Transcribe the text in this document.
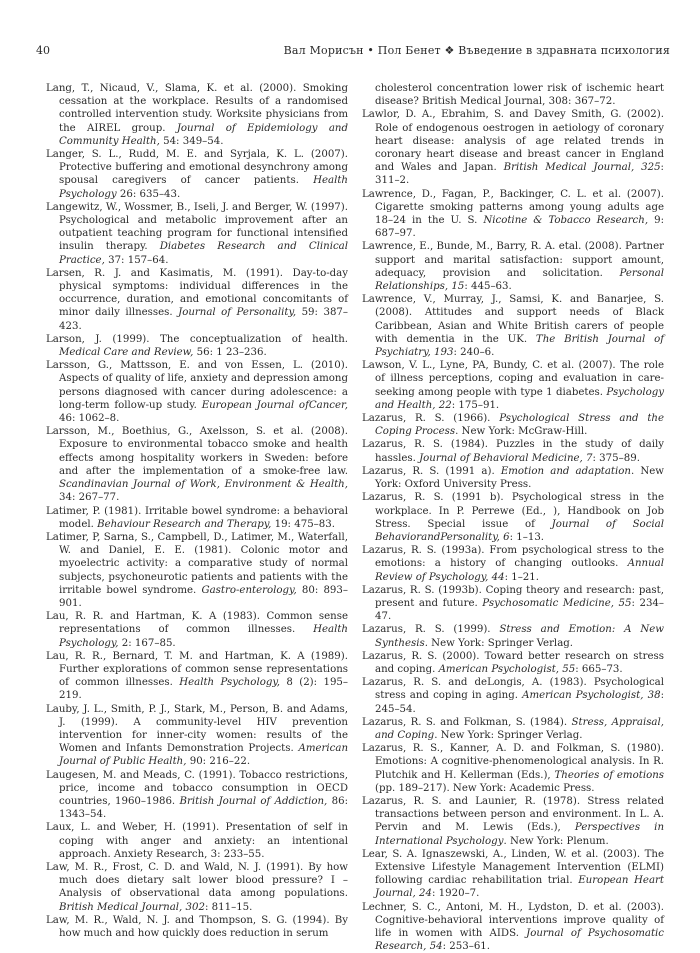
40	Вал Морисън • Пол Бенет ❖ Въведение в здравната психология
Lang, T., Nicaud, V., Slama, K. et al. (2000). Smoking cessation at the workplace. Results of a randomised controlled intervention study. Worksite physicians from the AIREL group. Journal of Epidemiology and Community Health, 54: 349–54.
Langer, S. L., Rudd, M. E. and Syrjala, K. L. (2007). Protective buffering and emotional desynchrony among spousal caregivers of cancer patients. Health Psychology 26: 635–43.
Langewitz, W., Wossmer, B., Iseli, J. and Berger, W. (1997). Psychological and metabolic improvement after an outpatient teaching program for functional intensified insulin therapy. Diabetes Research and Clinical Practice, 37: 157–64.
Larsen, R. J. and Kasimatis, M. (1991). Day-to-day physical symptoms: individual differences in the occurrence, duration, and emotional concomitants of minor daily illnesses. Journal of Personality, 59: 387–423.
Larson, J. (1999). The conceptualization of health. Medical Care and Review, 56: 1 23–236.
Larsson, G., Mattsson, E. and von Essen, L. (2010). Aspects of quality of life, anxiety and depression among persons diagnosed with cancer during adolescence: a long-term follow-up study. European Journal ofCancer, 46: 1062–8.
Larsson, M., Boethius, G., Axelsson, S. et al. (2008). Exposure to environmental tobacco smoke and health effects among hospitality workers in Sweden: before and after the implementation of a smoke-free law. Scandinavian Journal of Work, Environment & Health, 34: 267–77.
Latimer, P. (1981). Irritable bowel syndrome: a behavioral model. Behaviour Research and Therapy, 19: 475–83.
Latimer, P, Sarna, S., Campbell, D., Latimer, M., Waterfall, W. and Daniel, E. E. (1981). Colonic motor and myoelectric activity: a comparative study of normal subjects, psychoneurotic patients and patients with the irritable bowel syndrome. Gastro-enterology, 80: 893–901.
Lau, R. R. and Hartman, K. A (1983). Common sense representations of common illnesses. Health Psychology, 2: 167–85.
Lau, R. R., Bernard, T. M. and Hartman, K. A (1989). Further explorations of common sense representations of common illnesses. Health Psychology, 8 (2): 195–219.
Lauby, J. L., Smith, P. J., Stark, M., Person, B. and Adams, J. (1999). A community-level HIV prevention intervention for inner-city women: results of the Women and Infants Demonstration Projects. American Journal of Public Health, 90: 216–22.
Laugesen, M. and Meads, C. (1991). Tobacco restrictions, price, income and tobacco consumption in OECD countries, 1960–1986. British Journal of Addiction, 86: 1343–54.
Laux, L. and Weber, H. (1991). Presentation of self in coping with anger and anxiety: an intentional approach. Anxiety Research, 3: 233–55.
Law, M. R., Frost, C. D. and Wald, N. J. (1991). By how much does dietary salt lower blood pressure? I – Analysis of observational data among populations. British Medical Journal, 302: 811–15.
Law, M. R., Wald, N. J. and Thompson, S. G. (1994). By how much and how quickly does reduction in serum
cholesterol concentration lower risk of ischemic heart disease? British Medical Journal, 308: 367–72.
Lawlor, D. A., Ebrahim, S. and Davey Smith, G. (2002). Role of endogenous oestrogen in aetiology of coronary heart disease: analysis of age related trends in coronary heart disease and breast cancer in England and Wales and Japan. British Medical Journal, 325: 311–2.
Lawrence, D., Fagan, P., Backinger, C. L. et al. (2007). Cigarette smoking patterns among young adults age 18–24 in the U. S. Nicotine & Tobacco Research, 9: 687–97.
Lawrence, E., Bunde, M., Barry, R. A. etal. (2008). Partner support and marital satisfaction: support amount, adequacy, provision and solicitation. Personal Relationships, 15: 445–63.
Lawrence, V., Murray, J., Samsi, K. and Banarjee, S. (2008). Attitudes and support needs of Black Caribbean, Asian and White British carers of people with dementia in the UK. The British Journal of Psychiatry, 193: 240–6.
Lawson, V. L., Lyne, PA, Bundy, C. et al. (2007). The role of illness perceptions, coping and evaluation in care-seeking among people with type 1 diabetes. Psychology and Health, 22: 175–91.
Lazarus, R. S. (1966). Psychological Stress and the Coping Process. New York: McGraw-Hill.
Lazarus, R. S. (1984). Puzzles in the study of daily hassles. Journal of Behavioral Medicine, 7: 375–89.
Lazarus, R. S. (1991 a). Emotion and adaptation. New York: Oxford University Press.
Lazarus, R. S. (1991 b). Psychological stress in the workplace. In P. Perrewe (Ed., ), Handbook on Job Stress. Special issue of Journal of Social BehaviorandPersonality, 6: 1–13.
Lazarus, R. S. (1993a). From psychological stress to the emotions: a history of changing outlooks. Annual Review of Psychology, 44: 1–21.
Lazarus, R. S. (1993b). Coping theory and research: past, present and future. Psychosomatic Medicine, 55: 234–47.
Lazarus, R. S. (1999). Stress and Emotion: A New Synthesis. New York: Springer Verlag.
Lazarus, R. S. (2000). Toward better research on stress and coping. American Psychologist, 55: 665–73.
Lazarus, R. S. and deLongis, A. (1983). Psychological stress and coping in aging. American Psychologist, 38: 245–54.
Lazarus, R. S. and Folkman, S. (1984). Stress, Appraisal, and Coping. New York: Springer Verlag.
Lazarus, R. S., Kanner, A. D. and Folkman, S. (1980). Emotions: A cognitive-phenomenological analysis. In R. Plutchik and H. Kellerman (Eds.), Theories of emotions (pp. 189–217). New York: Academic Press.
Lazarus, R. S. and Launier, R. (1978). Stress related transactions between person and environment. In L. A. Pervin and M. Lewis (Eds.), Perspectives in International Psychology. New York: Plenum.
Lear, S. A. Ignaszewski, A., Linden, W. et al. (2003). The Extensive Lifestyle Management Intervention (ELMI) following cardiac rehabilitation trial. European Heart Journal, 24: 1920–7.
Lechner, S. C., Antoni, M. H., Lydston, D. et al. (2003). Cognitive-behavioral interventions improve quality of life in women with AIDS. Journal of Psychosomatic Research, 54: 253–61.
